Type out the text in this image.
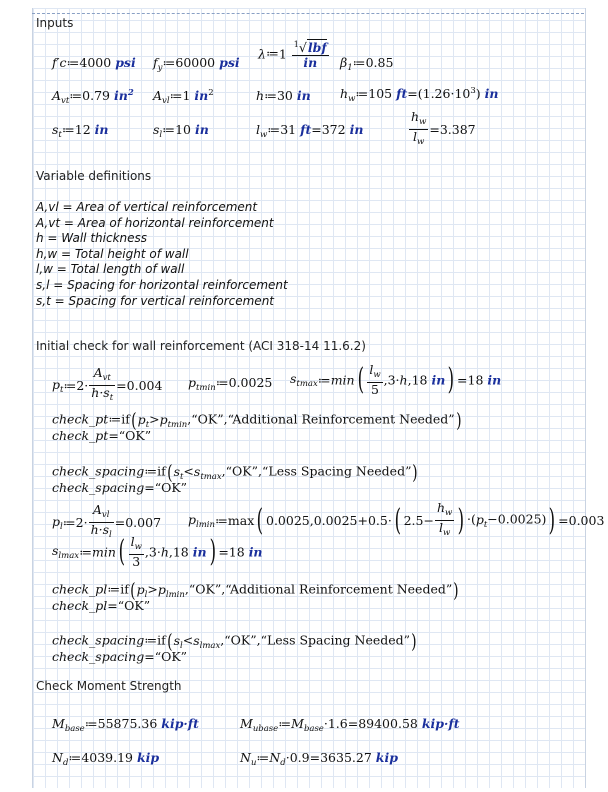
Inputs
Variable definitions
Initial check for wall reinforcement (ACI 318-14 11.6.2)
Check Moment Strength
A,vl = Area of vertical reinforcement
A,vt = Area of horizontal reinforcement
h = Wall thickness
h,w = Total height of wall
l,w = Total length of wall
s,l = Spacing for horizontal reinforcement
s,t = Spacing for vertical reinforcement
f′c≔4000 psi $f_y≔60000$ psi
λ≔1 $\frac{^1√lbf}{in}$ $\beta_1≔0.85$
$A_{vt}≔0.79$ $in^2$ $A_{vl}≔1$ $in^2$	h≔30 in $h_w≔105$ $ft=(1.26\cdot 10^3)$ in
$s_t≔12$ in	$s_l≔10$ in	$l_w≔31$ ft=372 in	$\frac{h_w}{l_w} =3.387$
$p_t≔2\cdot \frac{A_{vt}}{h\cdot s_t} =0.004$ $p_{tmin}≔0.0025$ $s_{tmax}≔\min( \frac{l_w}{5} ,3\cdot h,18$ in) =18 in
$check\_pt≔if(p_t>p_{tmin},“OK”,“Additional$ Reinforcement Needed”)
check_pt=“OK”
$check\_spacing≔if(s_t<s_{tmax},“OK”,“Less$ Spacing Needed”)
check_spacing=“OK”
$p_l≔2\cdot \frac{A_{vl}}{h\cdot s_l} =0.007$ $p_{lmin}≔\max$( 0.0025,0.0025+0.5·( $2.5- \frac{h_w}{l_w}$ ) $\cdot(p_t-0.0025)) =0.003$
$s_{lmax}≔\min( \frac{l_w}{3} ,3\cdot h,18$ in) =18 in
$check\_pl≔if(p_l>p_{lmin},“OK”,“Additional$ Reinforcement Needed”)
check_pl=“OK”
$check\_spacing≔if(s_l<s_{lmax},“OK”,“Less$ Spacing Needed”)
check_spacing=“OK”
$M_{base}≔55875.36$ kip·ft	$M_{ubase}≔M_{base}\cdot 1.6=89400.58$ kip·ft
$N_d≔4039.19$ kip	$N_u≔N_d\cdot 0.9=3635.27$ kip
